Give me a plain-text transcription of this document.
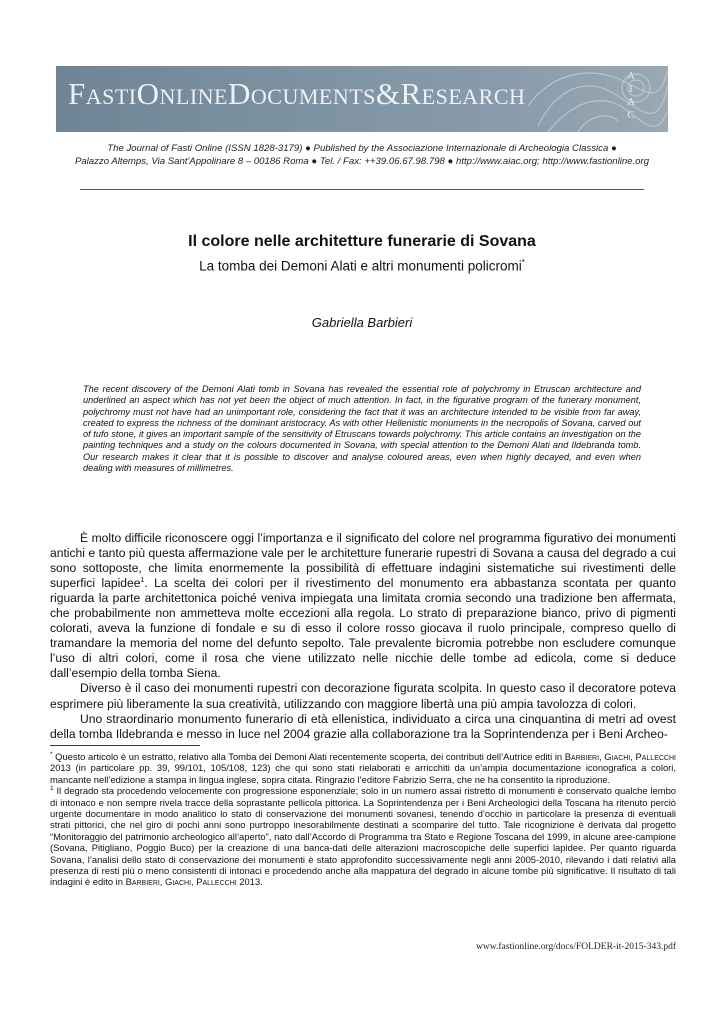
FastiOnlineDocuments&Research	A
I
A
C
The Journal of Fasti Online (ISSN 1828-3179) ● Published by the Associazione Internazionale di Archeologia Classica ●
Palazzo Altemps, Via Sant'Appolinare 8 – 00186 Roma ● Tel. / Fax: ++39.06.67.98.798 ● http://www.aiac.org; http://www.fastionline.org
Il colore nelle architetture funerarie di Sovana
La tomba dei Demoni Alati e altri monumenti policromi*
Gabriella Barbieri
The recent discovery of the Demoni Alati tomb in Sovana has revealed the essential role of polychromy in Etruscan architecture and underlined an aspect which has not yet been the object of much attention. In fact, in the figurative program of the funerary monument, polychromy must not have had an unimportant role, considering the fact that it was an architecture intended to be visible from far away, created to express the richness of the dominant aristocracy. As with other Hellenistic monuments in the necropolis of Sovana, carved out of tufo stone, it gives an important sample of the sensitivity of Etruscans towards polychromy. This article contains an investigation on the painting techniques and a study on the colours documented in Sovana, with special attention to the Demoni Alati and Ildebranda tomb. Our research makes it clear that it is possible to discover and analyse coloured areas, even when highly decayed, and even when dealing with measures of millimetres.

È molto difficile riconoscere oggi l’importanza e il significato del colore nel programma figurativo dei monumenti antichi e tanto più questa affermazione vale per le architetture funerarie rupestri di Sovana a causa del degrado a cui sono sottoposte, che limita enormemente la possibilità di effettuare indagini sistematiche sui rivestimenti delle superfici lapidee$^1$. La scelta dei colori per il rivestimento del monumento era abbastanza scontata per quanto riguarda la parte architettonica poiché veniva impiegata una limitata cromia secondo una tradizione ben affermata, che probabilmente non ammetteva molte eccezioni alla regola. Lo strato di preparazione bianco, privo di pigmenti colorati, aveva la funzione di fondale e su di esso il colore rosso giocava il ruolo principale, compreso quello di tramandare la memoria del nome del defunto sepolto. Tale prevalente bicromia potrebbe non escludere comunque l’uso di altri colori, come il rosa che viene utilizzato nelle nicchie delle tombe ad edicola, come si deduce dall’esempio della tomba Siena.

Diverso è il caso dei monumenti rupestri con decorazione figurata scolpita. In questo caso il decoratore poteva esprimere più liberamente la sua creatività, utilizzando con maggiore libertà una più ampia tavolozza di colori.

Uno straordinario monumento funerario di età ellenistica, individuato a circa una cinquantina di metri ad ovest della tomba Ildebranda e messo in luce nel 2004 grazie alla collaborazione tra la Soprintendenza per i Beni Archeo-

* Questo articolo è un estratto, relativo alla Tomba dei Demoni Alati recentemente scoperta, dei contributi dell’Autrice editi in Barbieri, Giachi, Pallecchi 2013 (in particolare pp. 39, 99/101, 105/108, 123) che qui sono stati rielaborati e arricchiti da un’ampia documentazione iconografica a colori, mancante nell’edizione a stampa in lingua inglese, sopra citata. Ringrazio l’editore Fabrizio Serra, che ne ha consentito la riproduzione.

$^1$ Il degrado sta procedendo velocemente con progressione esponenziale; solo in un numero assai ristretto di monumenti è conservato qualche lembo di intonaco e non sempre rivela tracce della soprastante pellicola pittorica. La Soprintendenza per i Beni Archeologici della Toscana ha ritenuto perciò urgente documentare in modo analitico lo stato di conservazione dei monumenti sovanesi, tenendo d’occhio in particolare la presenza di eventuali strati pittorici, che nel giro di pochi anni sono purtroppo inesorabilmente destinati a scomparire del tutto. Tale ricognizione è derivata dal progetto “Monitoraggio del patrimonio archeologico all’aperto”, nato dall’Accordo di Programma tra Stato e Regione Toscana del 1999, in alcune aree-campione (Sovana, Pitigliano, Poggio Buco) per la creazione di una banca-dati delle alterazioni macroscopiche delle superfici lapidee. Per quanto riguarda Sovana, l’analisi dello stato di conservazione dei monumenti è stato approfondito successivamente negli anni 2005-2010, rilevando i dati relativi alla presenza di resti più o meno consistenti di intonaci e procedendo anche alla mappatura del degrado in alcune tombe più significative. Il risultato di tali indagini è edito in Barbieri, Giachi, Pallecchi 2013.

www.fastionline.org/docs/FOLDER-it-2015-343.pdf
